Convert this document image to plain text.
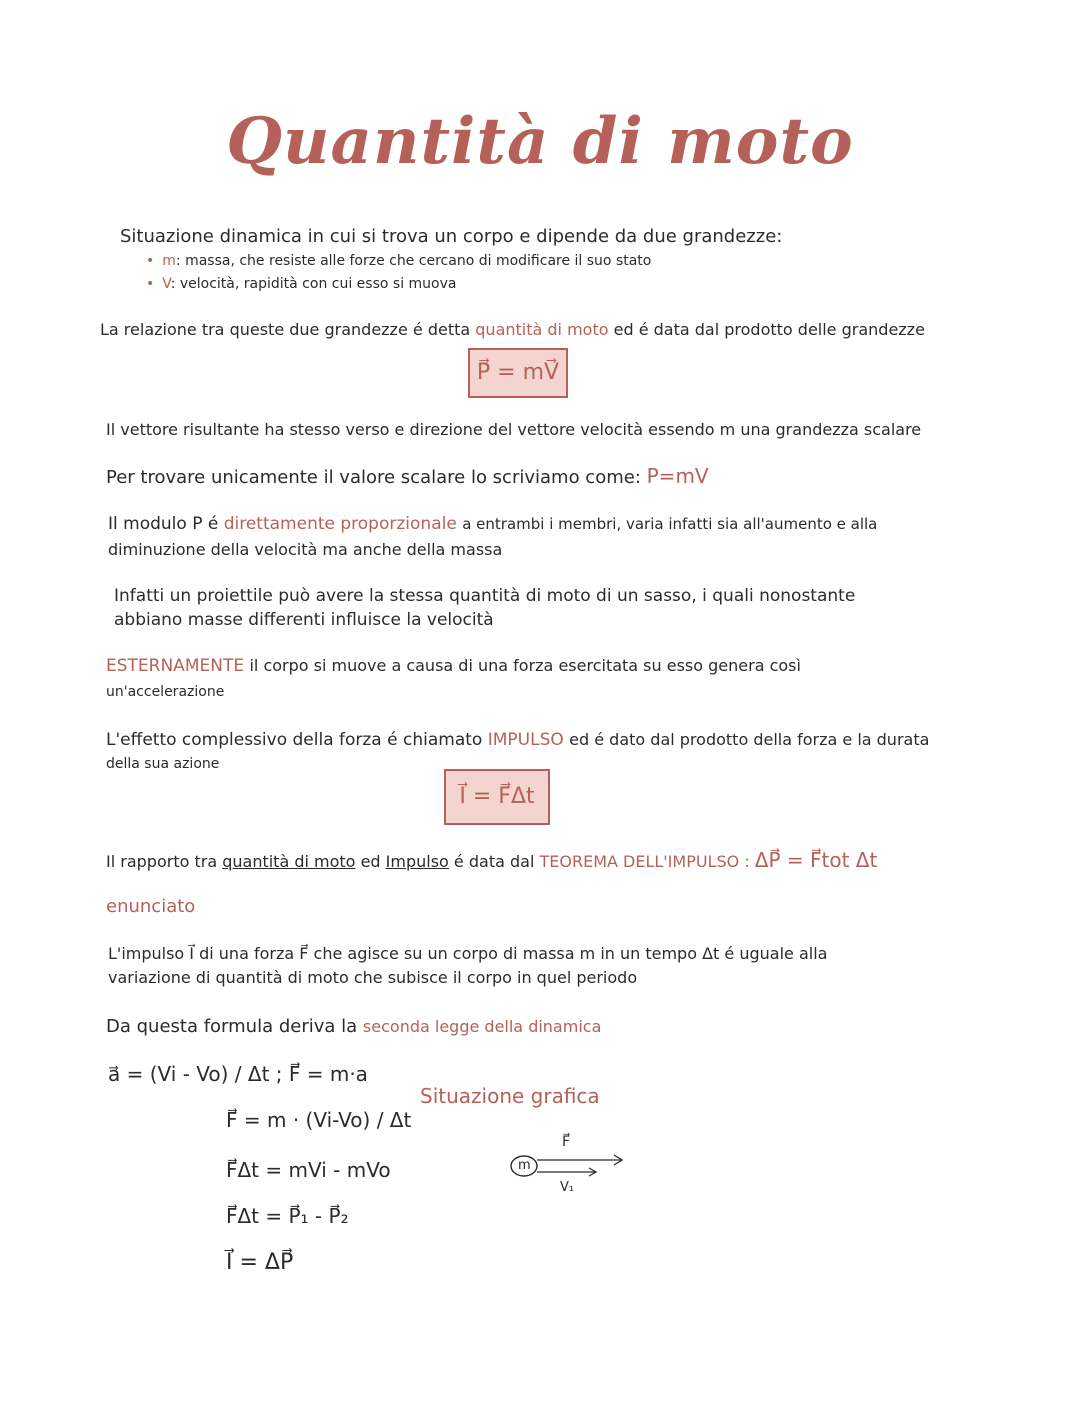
Quantità di moto
Situazione dinamica in cui si trova un corpo e dipende da due grandezze:
• m: massa, che resiste alle forze che cercano di modificare il suo stato
• V: velocità, rapidità con cui esso si muova
La relazione tra queste due grandezze é detta quantità di moto ed é data dal prodotto delle grandezze
P⃗ = mV⃗
Il vettore risultante ha stesso verso e direzione del vettore velocità essendo m una grandezza scalare
Per trovare unicamente il valore scalare lo scriviamo come: P=mV
Il modulo P é direttamente proporzionale a entrambi i membri, varia infatti sia all'aumento e alla
diminuzione della velocità ma anche della massa
Infatti un proiettile può avere la stessa quantità di moto di un sasso, i quali nonostante
abbiano masse differenti influisce la velocità
ESTERNAMENTE il corpo si muove a causa di una forza esercitata su esso genera così
un'accelerazione
L'effetto complessivo della forza é chiamato IMPULSO ed é dato dal prodotto della forza e la durata
della sua azione
I⃗ = F⃗Δt
Il rapporto tra quantità di moto ed Impulso é data dal TEOREMA DELL'IMPULSO : ΔP⃗ = F⃗tot Δt
enunciato
L'impulso I⃗ di una forza F⃗ che agisce su un corpo di massa m in un tempo Δt é uguale alla
variazione di quantità di moto che subisce il corpo in quel periodo
Da questa formula deriva la seconda legge della dinamica
a⃗ = (Vi - Vo) / Δt ; F⃗ = m·a
F⃗ = m · (Vi-Vo) / Δt
F⃗Δt = mVi - mVo
F⃗Δt = P⃗₁ - P⃗₂
I⃗ = ΔP⃗
Situazione grafica
m
F⃗
V₁
